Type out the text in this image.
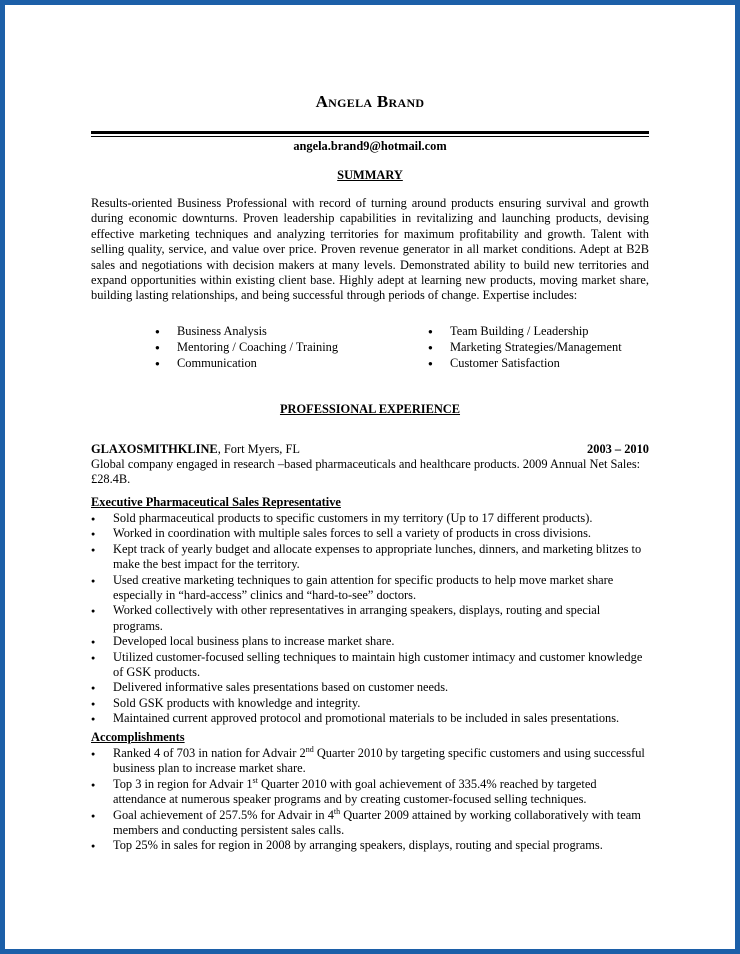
Angela Brand
angela.brand9@hotmail.com
SUMMARY

Results-oriented Business Professional with record of turning around products ensuring survival and growth during economic downturns. Proven leadership capabilities in revitalizing and launching products, devising effective marketing techniques and analyzing territories for maximum profitability and growth. Talent with selling quality, service, and value over price. Proven revenue generator in all market conditions. Adept at B2B sales and negotiations with decision makers at many levels. Demonstrated ability to build new territories and expand opportunities within existing client base. Highly adept at learning new products, moving market share, building lasting relationships, and being successful through periods of change. Expertise includes:

● Business Analysis
● Mentoring / Coaching / Training
● Communication
● Team Building / Leadership
● Marketing Strategies/Management
● Customer Satisfaction
PROFESSIONAL EXPERIENCE
GLAXOSMITHKLINE, Fort Myers, FL	2003 – 2010

Global company engaged in research –based pharmaceuticals and healthcare products. 2009 Annual Net Sales: £28.4B.

Executive Pharmaceutical Sales Representative
● Sold pharmaceutical products to specific customers in my territory (Up to 17 different products).
● Worked in coordination with multiple sales forces to sell a variety of products in cross divisions.
● Kept track of yearly budget and allocate expenses to appropriate lunches, dinners, and marketing blitzes to make the best impact for the territory.
● Used creative marketing techniques to gain attention for specific products to help move market share especially in “hard-access” clinics and “hard-to-see” doctors.
● Worked collectively with other representatives in arranging speakers, displays, routing and special programs.
● Developed local business plans to increase market share.
● Utilized customer-focused selling techniques to maintain high customer intimacy and customer knowledge of GSK products.
● Delivered informative sales presentations based on customer needs.
● Sold GSK products with knowledge and integrity.
● Maintained current approved protocol and promotional materials to be included in sales presentations.
Accomplishments
● Ranked 4 of 703 in nation for Advair 2nd Quarter 2010 by targeting specific customers and using successful business plan to increase market share.
● Top 3 in region for Advair 1st Quarter 2010 with goal achievement of 335.4% reached by targeted attendance at numerous speaker programs and by creating customer-focused selling techniques.
● Goal achievement of 257.5% for Advair in 4th Quarter 2009 attained by working collaboratively with team members and conducting persistent sales calls.
● Top 25% in sales for region in 2008 by arranging speakers, displays, routing and special programs.
